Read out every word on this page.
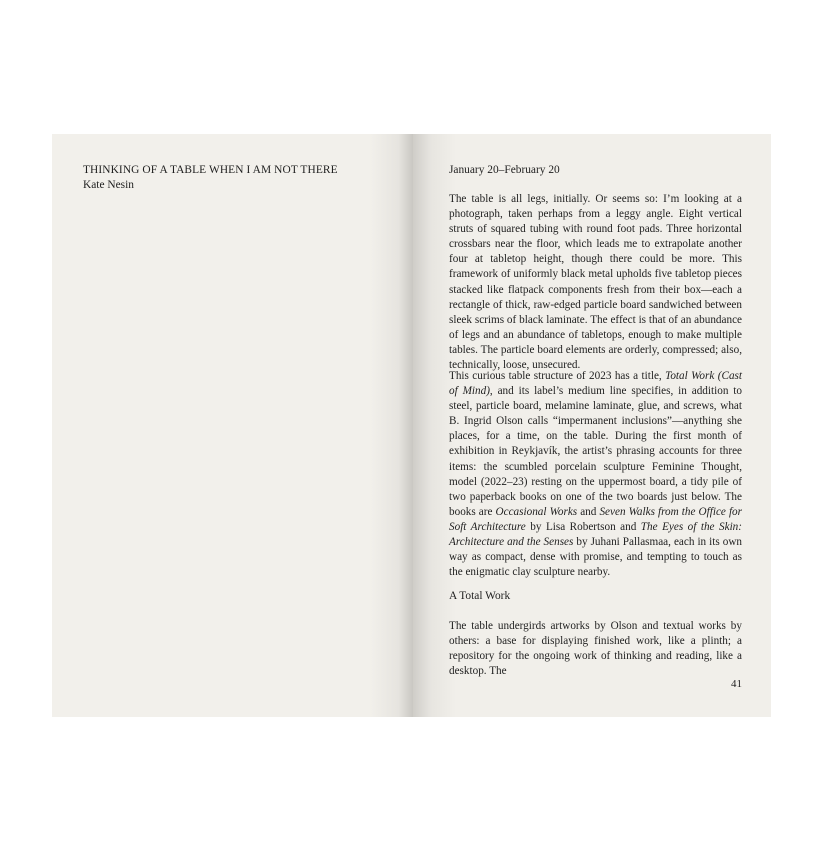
THINKING OF A TABLE WHEN I AM NOT THERE

Kate Nesin

January 20–February 20

The table is all legs, initially. Or seems so: I’m looking at a photograph, taken perhaps from a leggy angle. Eight vertical struts of squared tubing with round foot pads. Three horizontal crossbars near the floor, which leads me to extrapolate another four at tabletop height, though there could be more. This framework of uniformly black metal upholds five tabletop pieces stacked like flatpack components fresh from their box—each a rectangle of thick, raw-edged particle board sandwiched between sleek scrims of black laminate. The effect is that of an abundance of legs and an abundance of tabletops, enough to make multiple tables. The particle board elements are orderly, compressed; also, technically, loose, unsecured.

This curious table structure of 2023 has a title, Total Work (Cast of Mind), and its label’s medium line specifies, in addition to steel, particle board, melamine laminate, glue, and screws, what B. Ingrid Olson calls “impermanent inclusions”—anything she places, for a time, on the table. During the first month of exhibition in Reykjavík, the artist’s phrasing accounts for three items: the scumbled porcelain sculpture Feminine Thought, model (2022–23) resting on the uppermost board, a tidy pile of two paperback books on one of the two boards just below. The books are Occasional Works and Seven Walks from the Office for Soft Architecture by Lisa Robertson and The Eyes of the Skin: Architecture and the Senses by Juhani Pallasmaa, each in its own way as compact, dense with promise, and tempting to touch as the enigmatic clay sculpture nearby.

A Total Work

The table undergirds artworks by Olson and textual works by others: a base for displaying finished work, like a plinth; a repository for the ongoing work of thinking and reading, like a desktop. The

41
